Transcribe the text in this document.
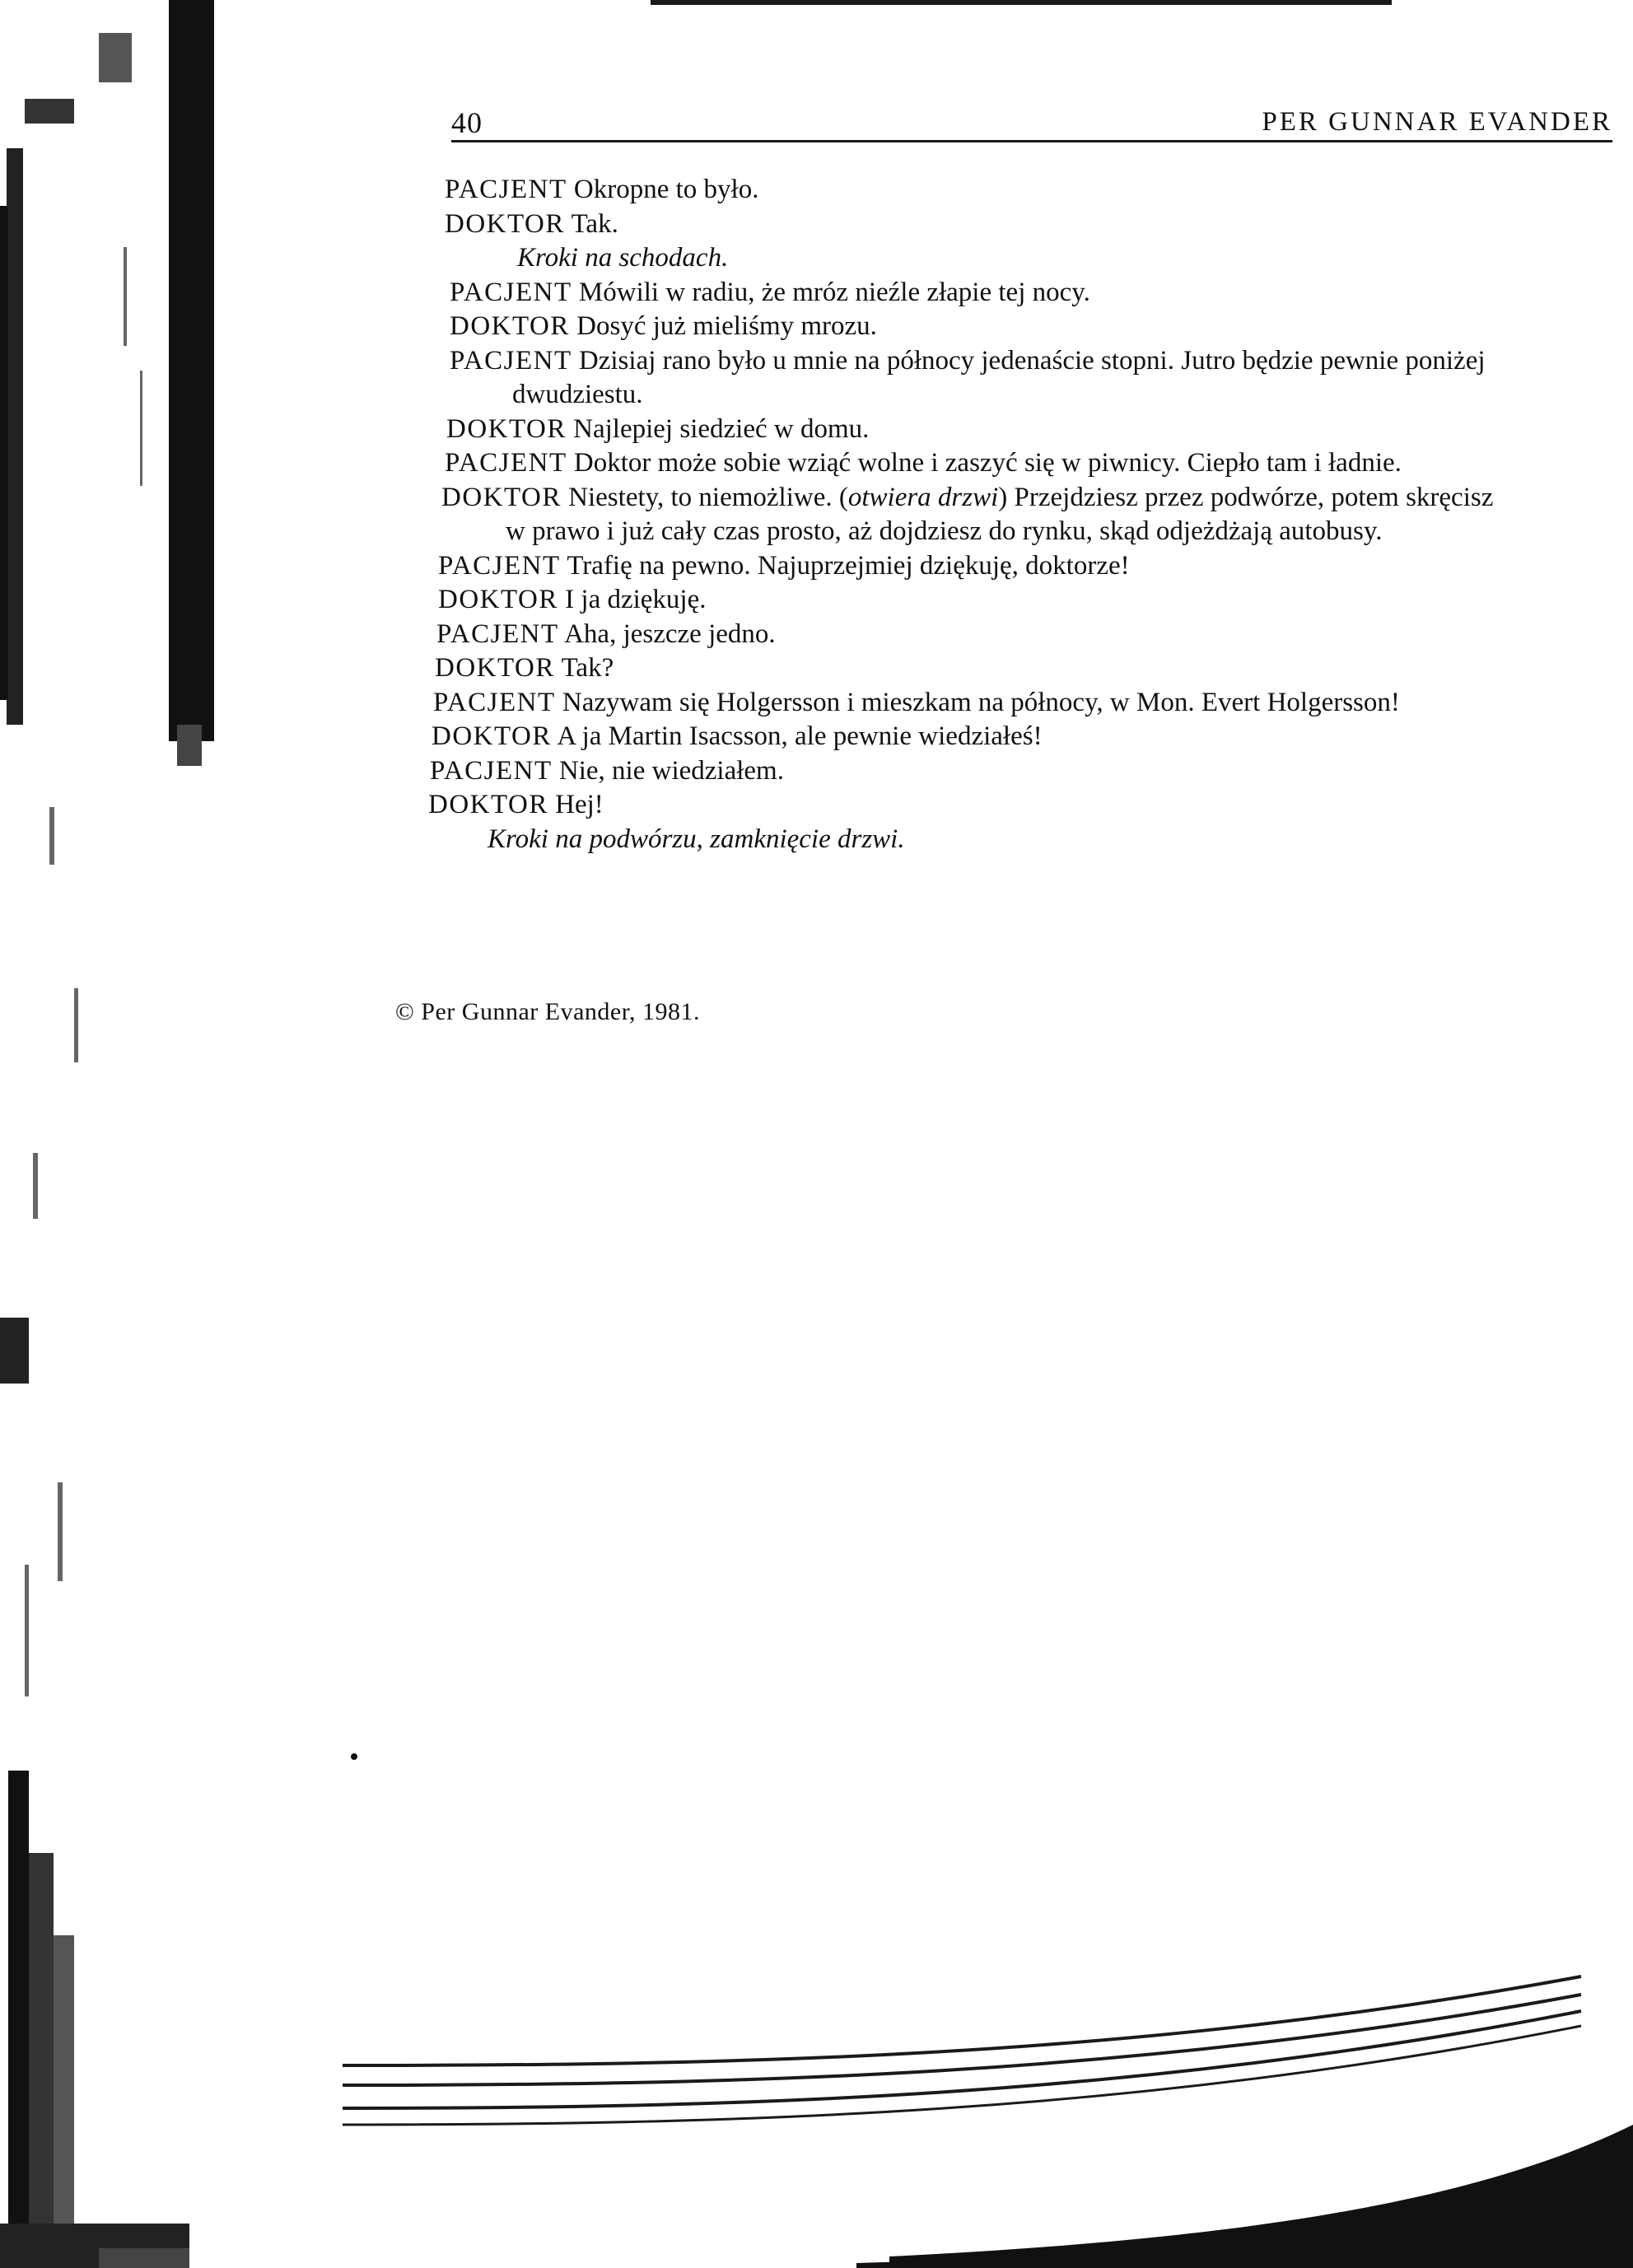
40	PER GUNNAR EVANDER
PACJENT Okropne to było.
DOKTOR Tak.
Kroki na schodach.
PACJENT Mówili w radiu, że mróz nieźle złapie tej nocy.
DOKTOR Dosyć już mieliśmy mrozu.
PACJENT Dzisiaj rano było u mnie na północy jedenaście stopni. Jutro będzie pewnie poniżej
dwudziestu.
DOKTOR Najlepiej siedzieć w domu.
PACJENT Doktor może sobie wziąć wolne i zaszyć się w piwnicy. Ciepło tam i ładnie.
DOKTOR Niestety, to niemożliwe. (otwiera drzwi) Przejdziesz przez podwórze, potem skręcisz
w prawo i już cały czas prosto, aż dojdziesz do rynku, skąd odjeżdżają autobusy.
PACJENT Trafię na pewno. Najuprzejmiej dziękuję, doktorze!
DOKTOR I ja dziękuję.
PACJENT Aha, jeszcze jedno.
DOKTOR Tak?
PACJENT Nazywam się Holgersson i mieszkam na północy, w Mon. Evert Holgersson!
DOKTOR A ja Martin Isacsson, ale pewnie wiedziałeś!
PACJENT Nie, nie wiedziałem.
DOKTOR Hej!
Kroki na podwórzu, zamknięcie drzwi.
© Per Gunnar Evander, 1981.
